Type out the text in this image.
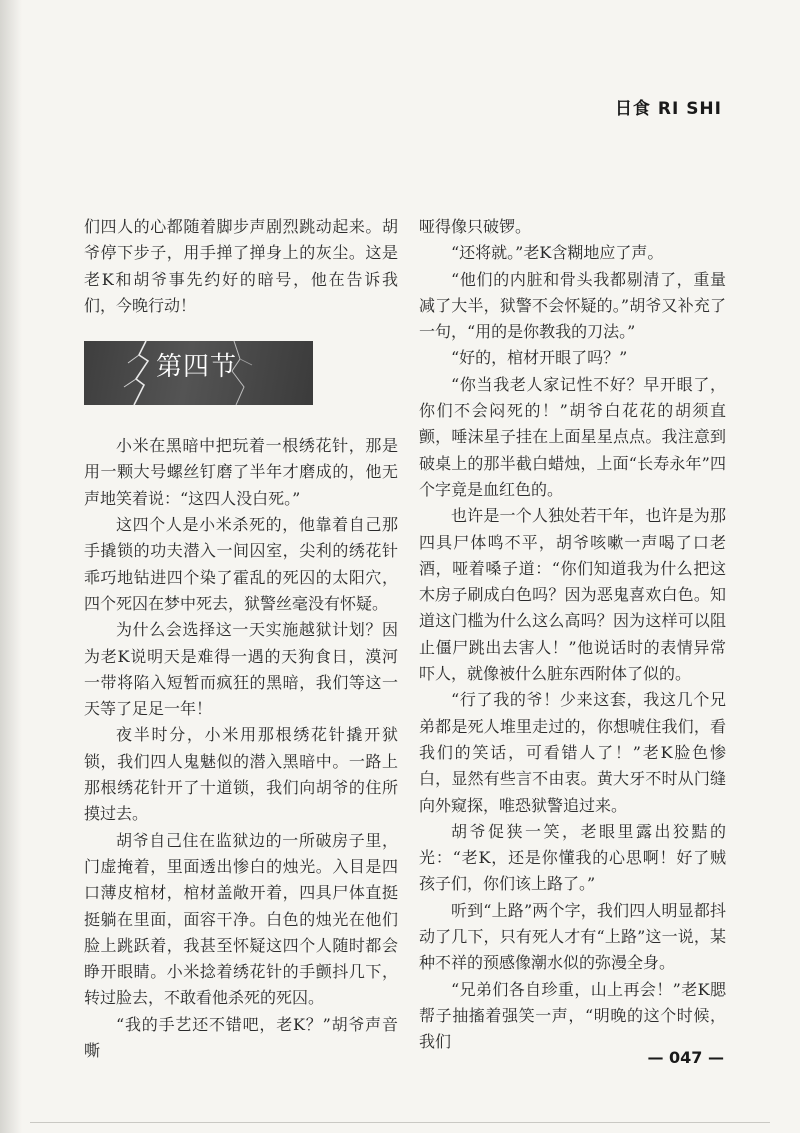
日食 RI SHI

们四人的心都随着脚步声剧烈跳动起来。胡爷停下步子，用手掸了掸身上的灰尘。这是老K和胡爷事先约好的暗号，他在告诉我们，今晚行动！

第四节

小米在黑暗中把玩着一根绣花针，那是用一颗大号螺丝钉磨了半年才磨成的，他无声地笑着说：“这四人没白死。”

这四个人是小米杀死的，他靠着自己那手撬锁的功夫潜入一间囚室，尖利的绣花针乖巧地钻进四个染了霍乱的死囚的太阳穴，四个死囚在梦中死去，狱警丝毫没有怀疑。

为什么会选择这一天实施越狱计划？因为老K说明天是难得一遇的天狗食日，漠河一带将陷入短暂而疯狂的黑暗，我们等这一天等了足足一年！

夜半时分，小米用那根绣花针撬开狱锁，我们四人鬼魅似的潜入黑暗中。一路上那根绣花针开了十道锁，我们向胡爷的住所摸过去。

胡爷自己住在监狱边的一所破房子里，门虚掩着，里面透出惨白的烛光。入目是四口薄皮棺材，棺材盖敞开着，四具尸体直挺挺躺在里面，面容干净。白色的烛光在他们脸上跳跃着，我甚至怀疑这四个人随时都会睁开眼睛。小米捻着绣花针的手颤抖几下，转过脸去，不敢看他杀死的死囚。

“我的手艺还不错吧，老K？”胡爷声音嘶

哑得像只破锣。

“还将就。”老K含糊地应了声。

“他们的内脏和骨头我都剔清了，重量减了大半，狱警不会怀疑的。”胡爷又补充了一句，“用的是你教我的刀法。”

“好的，棺材开眼了吗？”

“你当我老人家记性不好？早开眼了，你们不会闷死的！”胡爷白花花的胡须直颤，唾沫星子挂在上面星星点点。我注意到破桌上的那半截白蜡烛，上面“长寿永年”四个字竟是血红色的。

也许是一个人独处若干年，也许是为那四具尸体鸣不平，胡爷咳嗽一声喝了口老酒，哑着嗓子道：“你们知道我为什么把这木房子刷成白色吗？因为恶鬼喜欢白色。知道这门槛为什么这么高吗？因为这样可以阻止僵尸跳出去害人！”他说话时的表情异常吓人，就像被什么脏东西附体了似的。

“行了我的爷！少来这套，我这几个兄弟都是死人堆里走过的，你想唬住我们，看我们的笑话，可看错人了！”老K脸色惨白，显然有些言不由衷。黄大牙不时从门缝向外窥探，唯恐狱警追过来。

胡爷促狭一笑，老眼里露出狡黠的光：“老K，还是你懂我的心思啊！好了贼孩子们，你们该上路了。”

听到“上路”两个字，我们四人明显都抖动了几下，只有死人才有“上路”这一说，某种不祥的预感像潮水似的弥漫全身。

“兄弟们各自珍重，山上再会！”老K腮帮子抽搐着强笑一声，“明晚的这个时候，我们

— 047 —
